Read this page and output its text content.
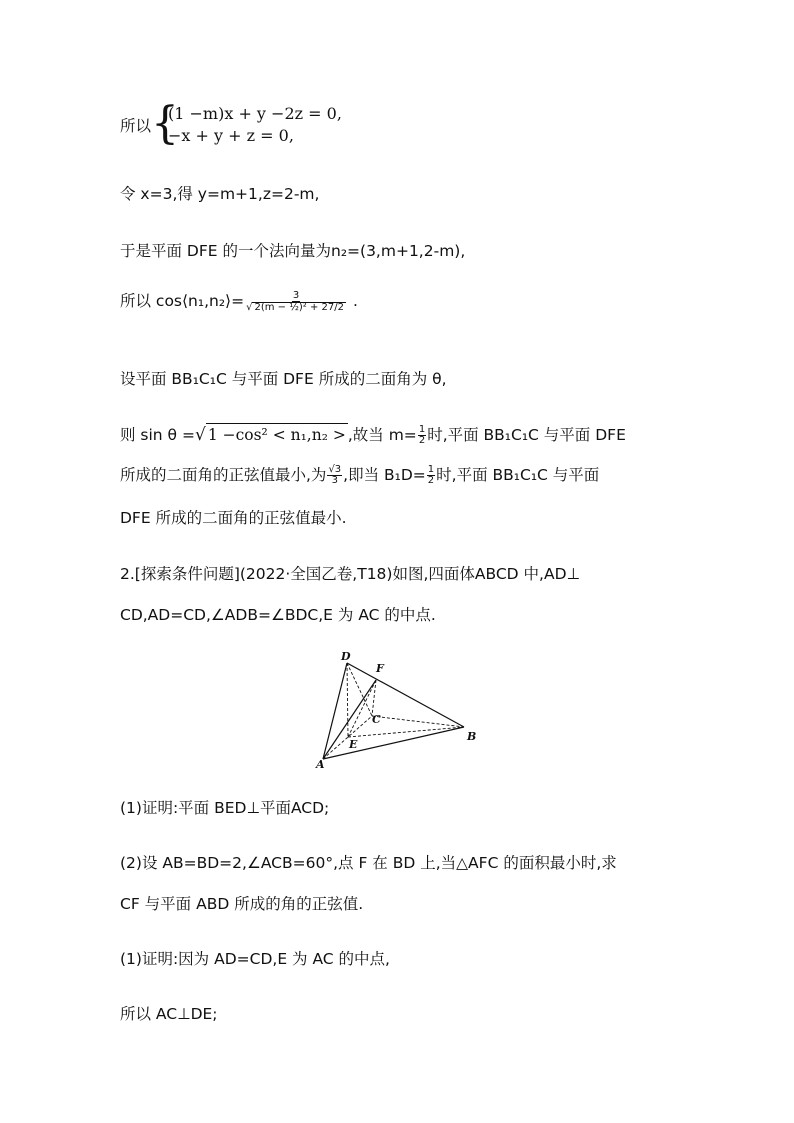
所以 {
(1 −m)x + y −2z = 0,
−x + y + z = 0,
令 x=3,得 y=m+1,z=2-m,
于是平面 DFE 的一个法向量为n₂=(3,m+1,2-m),
所以 cos⟨n₁,n₂⟩= $\frac{3}{\text{√ 2(m − ½)² + 27/2}}$ .
设平面 BB₁C₁C 与平面 DFE 所成的二面角为 θ,
则 sin θ =√ 1 −cos² < n₁,n₂ > ,故当 $m= \frac{1}{2}$ 时,平面 BB₁C₁C 与平面 DFE
所成的二面角的正弦值最小,为 $\frac{√3}{3}$ ,即当 $B_1D= \frac{1}{2}$ 时,平面 BB₁C₁C 与平面
DFE 所成的二面角的正弦值最小.
2.[探索条件问题](2022·全国乙卷,T18)如图,四面体ABCD 中,AD⊥
CD,AD=CD,∠ADB=∠BDC,E 为 AC 的中点.
D
F
C
E
A
B
(1)证明:平面 BED⊥平面ACD;
(2)设 AB=BD=2,∠ACB=60°,点 F 在 BD 上,当△AFC 的面积最小时,求
CF 与平面 ABD 所成的角的正弦值.
(1)证明:因为 AD=CD,E 为 AC 的中点,
所以 AC⊥DE;
